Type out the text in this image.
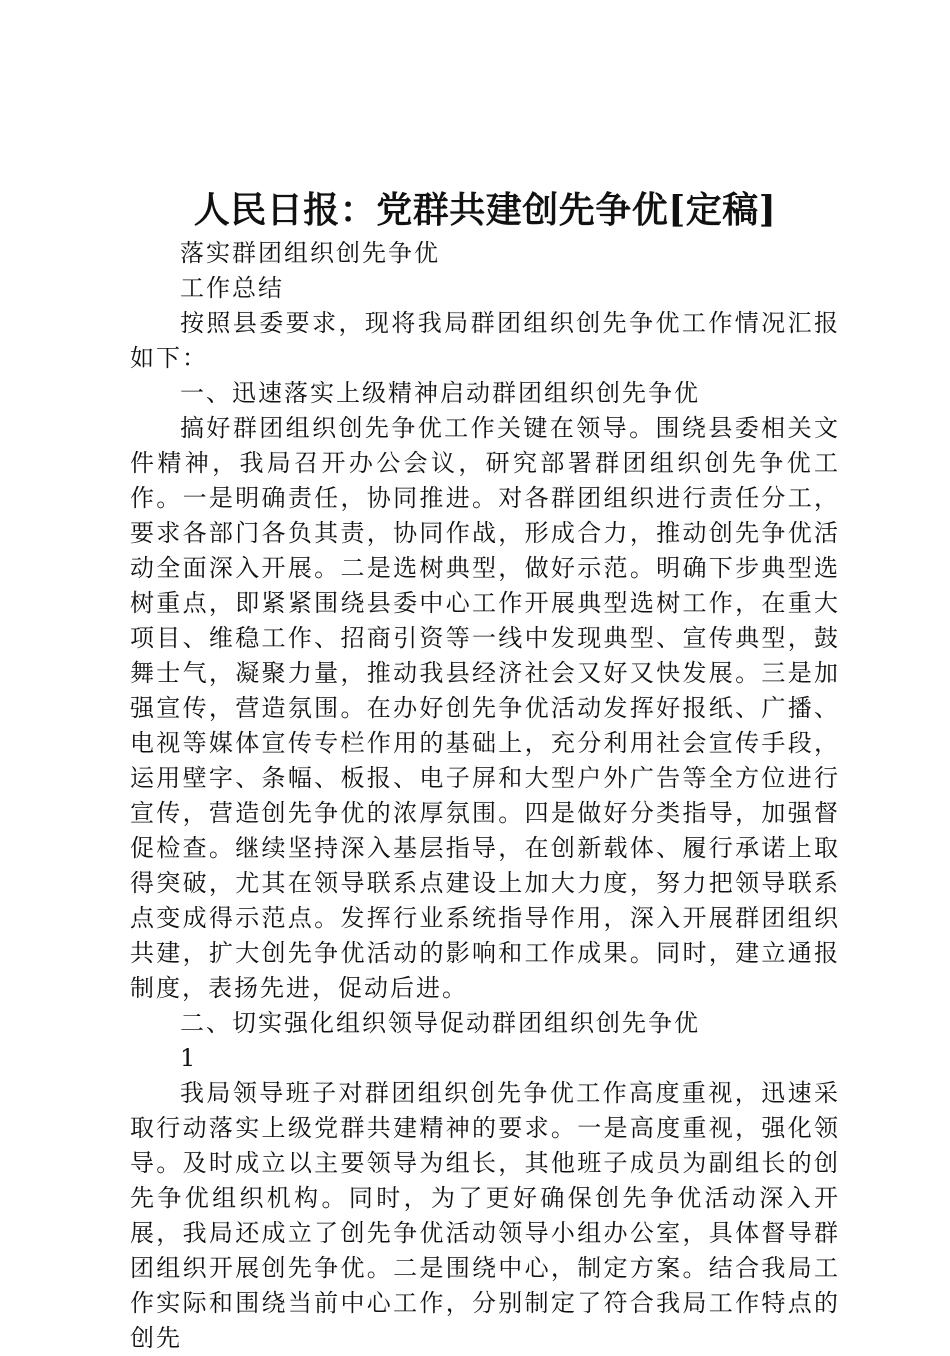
人民日报：党群共建创先争优[定稿]

落实群团组织创先争优

工作总结

按照县委要求，现将我局群团组织创先争优工作情况汇报如下：

一、迅速落实上级精神启动群团组织创先争优

搞好群团组织创先争优工作关键在领导。围绕县委相关文件精神，我局召开办公会议，研究部署群团组织创先争优工作。一是明确责任，协同推进。对各群团组织进行责任分工，要求各部门各负其责，协同作战，形成合力，推动创先争优活动全面深入开展。二是选树典型，做好示范。明确下步典型选树重点，即紧紧围绕县委中心工作开展典型选树工作，在重大项目、维稳工作、招商引资等一线中发现典型、宣传典型，鼓舞士气，凝聚力量，推动我县经济社会又好又快发展。三是加强宣传，营造氛围。在办好创先争优活动发挥好报纸、广播、电视等媒体宣传专栏作用的基础上，充分利用社会宣传手段，运用壁字、条幅、板报、电子屏和大型户外广告等全方位进行宣传，营造创先争优的浓厚氛围。四是做好分类指导，加强督促检查。继续坚持深入基层指导，在创新载体、履行承诺上取得突破，尤其在领导联系点建设上加大力度，努力把领导联系点变成得示范点。发挥行业系统指导作用，深入开展群团组织共建，扩大创先争优活动的影响和工作成果。同时，建立通报制度，表扬先进，促动后进。

二、切实强化组织领导促动群团组织创先争优

1

我局领导班子对群团组织创先争优工作高度重视，迅速采取行动落实上级党群共建精神的要求。一是高度重视，强化领导。及时成立以主要领导为组长，其他班子成员为副组长的创先争优组织机构。同时，为了更好确保创先争优活动深入开展，我局还成立了创先争优活动领导小组办公室，具体督导群团组织开展创先争优。二是围绕中心，制定方案。结合我局工作实际和围绕当前中心工作，分别制定了符合我局工作特点的创先
